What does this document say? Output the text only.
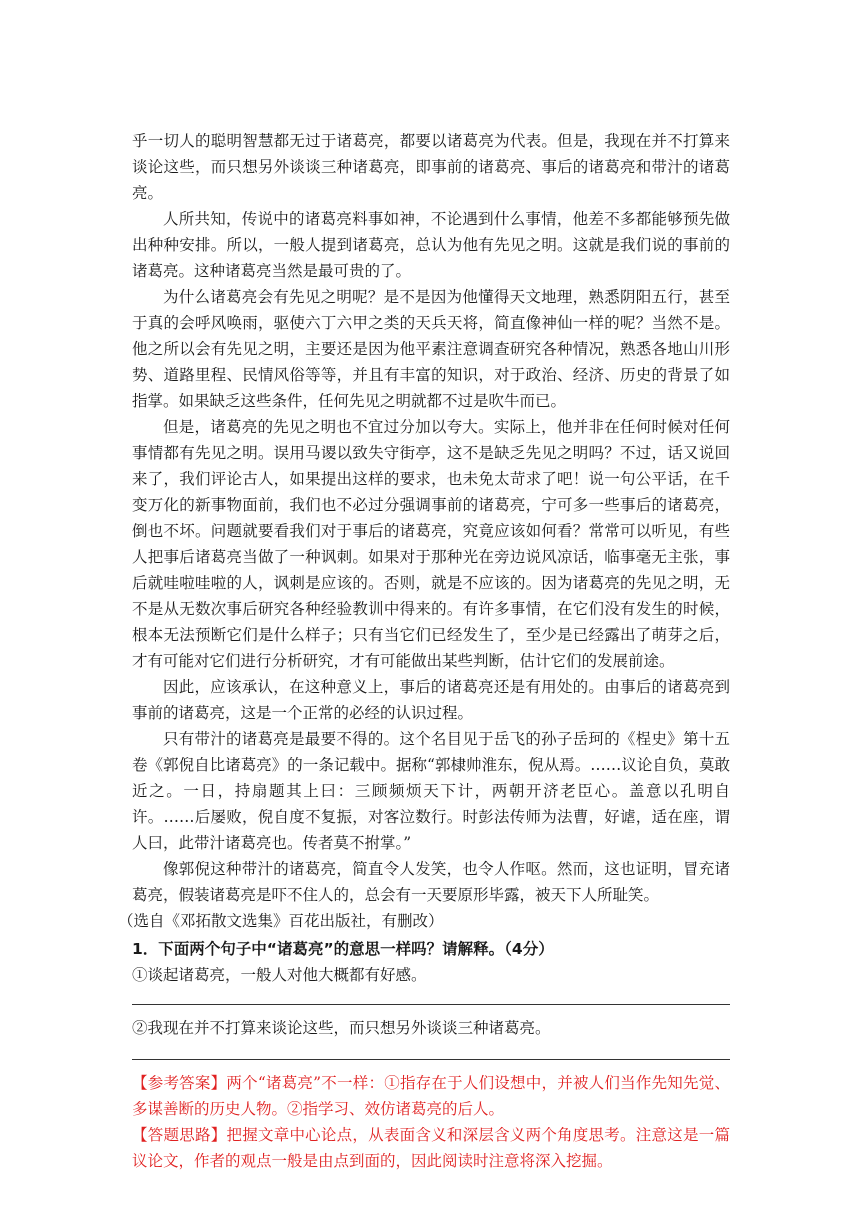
乎一切人的聪明智慧都无过于诸葛亮，都要以诸葛亮为代表。但是，我现在并不打算来谈论这些，而只想另外谈谈三种诸葛亮，即事前的诸葛亮、事后的诸葛亮和带汁的诸葛亮。

人所共知，传说中的诸葛亮料事如神，不论遇到什么事情，他差不多都能够预先做出种种安排。所以，一般人提到诸葛亮，总认为他有先见之明。这就是我们说的事前的诸葛亮。这种诸葛亮当然是最可贵的了。

为什么诸葛亮会有先见之明呢？是不是因为他懂得天文地理，熟悉阴阳五行，甚至于真的会呼风唤雨，驱使六丁六甲之类的天兵天将，简直像神仙一样的呢？当然不是。他之所以会有先见之明，主要还是因为他平素注意调查研究各种情况，熟悉各地山川形势、道路里程、民情风俗等等，并且有丰富的知识，对于政治、经济、历史的背景了如指掌。如果缺乏这些条件，任何先见之明就都不过是吹牛而已。

但是，诸葛亮的先见之明也不宜过分加以夸大。实际上，他并非在任何时候对任何事情都有先见之明。误用马谡以致失守街亭，这不是缺乏先见之明吗？不过，话又说回来了，我们评论古人，如果提出这样的要求，也未免太苛求了吧！说一句公平话，在千变万化的新事物面前，我们也不必过分强调事前的诸葛亮，宁可多一些事后的诸葛亮，倒也不坏。问题就要看我们对于事后的诸葛亮，究竟应该如何看？常常可以听见，有些人把事后诸葛亮当做了一种讽刺。如果对于那种光在旁边说风凉话，临事毫无主张，事后就哇啦哇啦的人，讽刺是应该的。否则，就是不应该的。因为诸葛亮的先见之明，无不是从无数次事后研究各种经验教训中得来的。有许多事情，在它们没有发生的时候，根本无法预断它们是什么样子；只有当它们已经发生了，至少是已经露出了萌芽之后，才有可能对它们进行分析研究，才有可能做出某些判断，估计它们的发展前途。

因此，应该承认，在这种意义上，事后的诸葛亮还是有用处的。由事后的诸葛亮到事前的诸葛亮，这是一个正常的必经的认识过程。

只有带汁的诸葛亮是最要不得的。这个名目见于岳飞的孙子岳珂的《桯史》第十五卷《郭倪自比诸葛亮》的一条记载中。据称“郭棣帅淮东，倪从焉。……议论自负，莫敢近之。一日，持扇题其上曰：三顾频烦天下计，两朝开济老臣心。盖意以孔明自许。……后屡败，倪自度不复振，对客泣数行。时彭法传师为法曹，好谑，适在座，谓人曰，此带汁诸葛亮也。传者莫不拊掌。”

像郭倪这种带汁的诸葛亮，简直令人发笑，也令人作呕。然而，这也证明，冒充诸葛亮，假装诸葛亮是吓不住人的，总会有一天要原形毕露，被天下人所耻笑。

（选自《邓拓散文选集》百花出版社，有删改）

1．下面两个句子中“诸葛亮”的意思一样吗？请解释。（4分）

①谈起诸葛亮，一般人对他大概都有好感。

②我现在并不打算来谈论这些，而只想另外谈谈三种诸葛亮。

【参考答案】两个“诸葛亮”不一样：①指存在于人们设想中，并被人们当作先知先觉、多谋善断的历史人物。②指学习、效仿诸葛亮的后人。

【答题思路】把握文章中心论点，从表面含义和深层含义两个角度思考。注意这是一篇议论文，作者的观点一般是由点到面的，因此阅读时注意将深入挖掘。
